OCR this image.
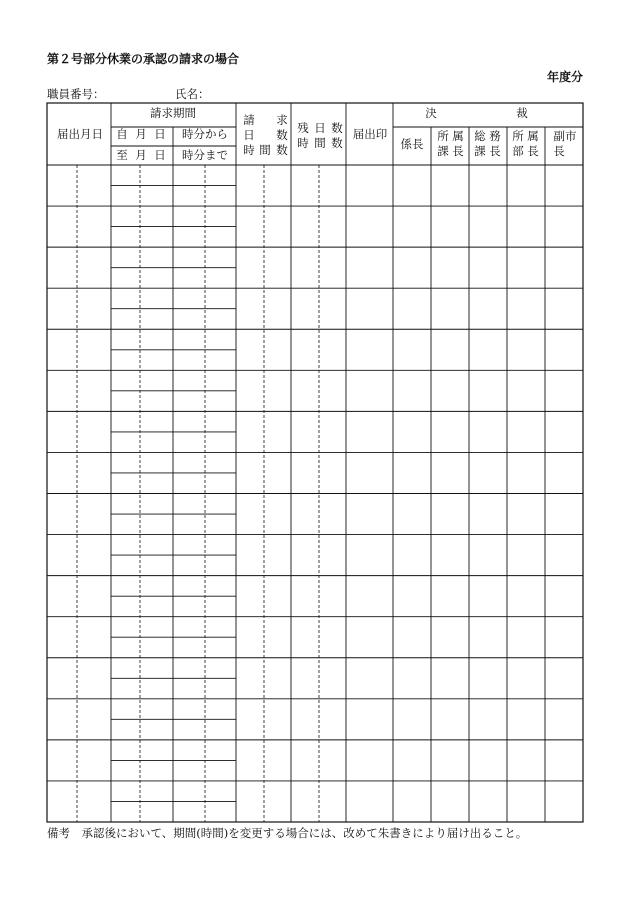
第２号部分休業の承認の請求の場合
年度分
職員番号：	氏名：
届出月日
請求期間
自 月 日 時分から
至 月 日 時分まで
請 求
日 数
時 間 数
残 日 数
時 間 数
届出印
決	裁
係長
所 属
課 長
総 務
課 長
所 属
部 長
副市
長
備考　承認後において、期間(時間)を変更する場合には、改めて朱書きにより届け出ること。
